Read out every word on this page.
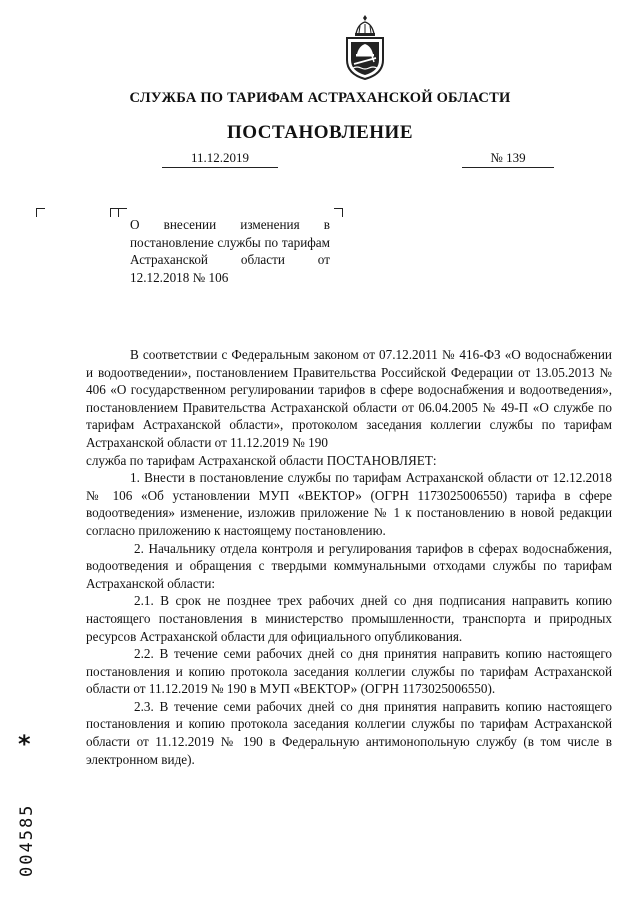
СЛУЖБА ПО ТАРИФАМ АСТРАХАНСКОЙ ОБЛАСТИ
ПОСТАНОВЛЕНИЕ
11.12.2019	№ 139
О внесении изменения в постановление службы по тарифам Астраханской области от 12.12.2018 № 106

В соответствии с Федеральным законом от 07.12.2011 № 416-ФЗ «О водоснабжении и водоотведении», постановлением Правительства Российской Федерации от 13.05.2013 № 406 «О государственном регулировании тарифов в сфере водоснабжения и водоотведения», постановлением Правительства Астраханской области от 06.04.2005 № 49-П «О службе по тарифам Астраханской области», протоколом заседания коллегии службы по тарифам Астраханской области от 11.12.2019 № 190

служба по тарифам Астраханской области ПОСТАНОВЛЯЕТ:

1. Внести в постановление службы по тарифам Астраханской области от 12.12.2018 № 106 «Об установлении МУП «ВЕКТОР» (ОГРН 1173025006550) тарифа в сфере водоотведения» изменение, изложив приложение № 1 к постановлению в новой редакции согласно приложению к настоящему постановлению.

2. Начальнику отдела контроля и регулирования тарифов в сферах водоснабжения, водоотведения и обращения с твердыми коммунальными отходами службы по тарифам Астраханской области:

2.1. В срок не позднее трех рабочих дней со дня подписания направить копию настоящего постановления в министерство промышленности, транспорта и природных ресурсов Астраханской области для официального опубликования.

2.2. В течение семи рабочих дней со дня принятия направить копию настоящего постановления и копию протокола заседания коллегии службы по тарифам Астраханской области от 11.12.2019 № 190 в МУП «ВЕКТОР» (ОГРН 1173025006550).

2.3. В течение семи рабочих дней со дня принятия направить копию настоящего постановления и копию протокола заседания коллегии службы по тарифам Астраханской области от 11.12.2019 № 190 в Федеральную антимонопольную службу (в том числе в электронном виде).

*
004585
